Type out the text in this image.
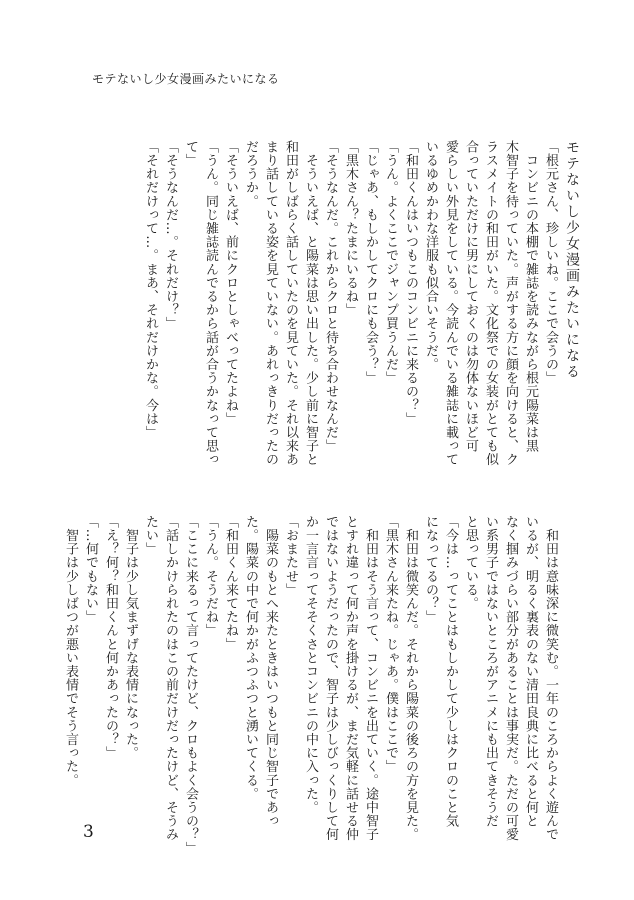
モテないし少女漫画みたいになる
モテないし少女漫画みたいになる

「根元さん、珍しいね。ここで会うの」

　コンビニの本棚で雑誌を読みながら根元陽菜は黒

木智子を待っていた。声がする方に顔を向けると、ク

ラスメイトの和田がいた。文化祭での女装がとても似

合っていただけに男にしておくのは勿体ないほど可

愛らしい外見をしている。今読んでいる雑誌に載って

いるゆめかわな洋服も似合いそうだ。

「和田くんはいつもこのコンビニに来るの？」

「うん。よくここでジャンプ買うんだ」

「じゃあ、もしかしてクロにも会う？」

「黒木さん？たまにいるね」

「そうなんだ。これからクロと待ち合わせなんだ」

　そういえば、と陽菜は思い出した。少し前に智子と

和田がしばらく話していたのを見ていた。それ以来あ

まり話している姿を見ていない。あれっきりだったの

だろうか。

「そういえば、前にクロとしゃべってたよね」

「うん。同じ雑誌読んでるから話が合うかなって思っ

て」

「そうなんだ…。それだけ？」

「それだけって…。まあ、それだけかな。今は」

　和田は意味深に微笑む。一年のころからよく遊んで

いるが、明るく裏表のない清田良典に比べると何と

なく掴みづらい部分があることは事実だ。ただの可愛

い系男子ではないところがアニメにも出てきそうだ

と思っている。

「今は…ってことはもしかして少しはクロのこと気

になってるの？」

　和田は微笑んだ。それから陽菜の後ろの方を見た。

「黒木さん来たね。じゃあ。僕はここで」

　和田はそう言って、コンビニを出ていく。途中智子

とすれ違って何か声を掛けるが、まだ気軽に話せる仲

ではないようだったので、智子は少しびっくりして何

か一言言ってそそくさとコンビニの中に入った。

「おまたせ」

　陽菜のもとへ来たときはいつもと同じ智子であっ

た。陽菜の中で何かがふつふつと湧いてくる。

「和田くん来てたね」

「うん。そうだね」

「ここに来るって言ってたけど、クロもよく会うの？」

「話しかけられたのはこの前だけだったけど、そうみ

たい」

　智子は少し気まずげな表情になった。

「え？何？和田くんと何かあったの？」

「…何でもない」

　智子は少しばつが悪い表情でそう言った。

3
